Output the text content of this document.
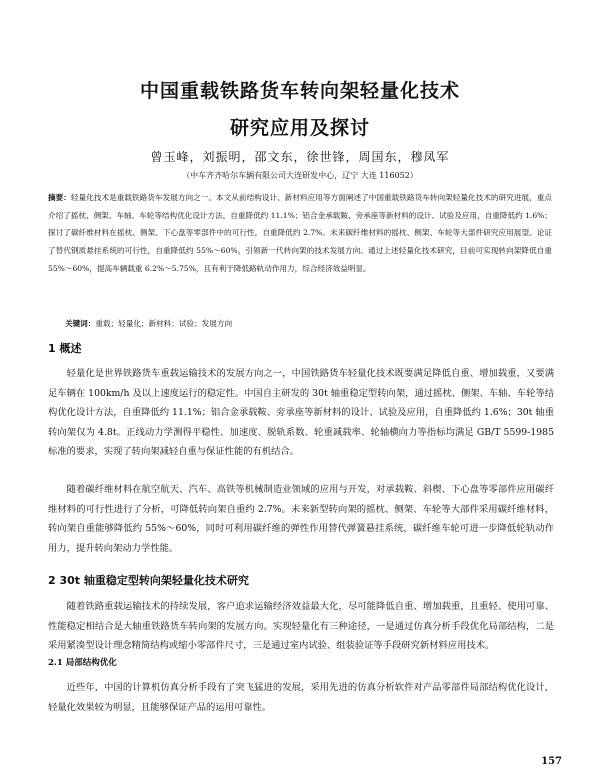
中国重载铁路货车转向架轻量化技术
研究应用及探讨
曾玉峰，刘振明，邵文东，徐世锋，周国东，穆凤军
（中车齐齐哈尔车辆有限公司大连研发中心，辽宁 大连 116052）
摘要：轻量化技术是重载铁路货车发展方向之一。本文从前结构设计、新材料应用等方面阐述了中国重载铁路货车转向架轻量化技术的研究进展，重点介绍了摇枕、侧架、车轴、车轮等结构优化设计方法，自重降低约 11.1%；铝合金承载鞍、旁承座等新材料的设计、试验及应用，自重降低约 1.6%；探讨了碳纤维材料在摇枕、侧架、下心盘等零部件中的可行性，自重降低约 2.7%。未来碳纤维材料的摇枕、侧架、车轮等大部件研究应用展望。论证了替代钢质悬挂系统的可行性，自重降低约 55%～60%，引领新一代转向架的技术发展方向。通过上述轻量化技术研究，目前可实现转向架降低自重 55%～60%，提高车辆载重 6.2%～5.75%，且有利于降低路轨动作用力，综合经济效益明显。
关键词：重载；轻量化；新材料；试验；发展方向
1 概述
轻量化是世界铁路货车重载运输技术的发展方向之一，中国铁路货车轻量化技术既要满足降低自重、增加载重，又要满足车辆在 100km/h 及以上速度运行的稳定性。中国自主研发的 30t 轴重稳定型转向架，通过摇枕、侧架、车轴、车轮等结构优化设计方法，自重降低约 11.1%；铝合金承载鞍、旁承座等新材料的设计、试验及应用，自重降低约 1.6%；30t 轴重转向架仅为 4.8t。正线动力学测得平稳性、加速度、脱轨系数、轮重减载率、轮轴横向力等指标均满足 GB/T 5599-1985 标准的要求，实现了转向架减轻自重与保证性能的有机结合。
随着碳纤维材料在航空航天、汽车、高铁等机械制造业领域的应用与开发，对承载鞍、斜楔、下心盘等零部件应用碳纤维材料的可行性进行了分析，可降低转向架自重约 2.7%。未来新型转向架的摇枕、侧架、车轮等大部件采用碳纤维材料，转向架自重能够降低约 55%～60%，同时可利用碳纤维的弹性作用替代弹簧悬挂系统，碳纤维车轮可进一步降低轮轨动作用力，提升转向架动力学性能。
2 30t 轴重稳定型转向架轻量化技术研究
随着铁路重载运输技术的持续发展，客户追求运输经济效益最大化，尽可能降低自重、增加载重，且重轻、使用可靠、性能稳定相结合是大轴重铁路货车转向架的发展方向。实现轻量化有三种途径，一是通过仿真分析手段优化局部结构，二是采用紧凑型设计理念精简结构或缩小零部件尺寸，三是通过室内试验、组装验证等手段研究新材料应用技术。
2.1 局部结构优化
近些年，中国的计算机仿真分析手段有了突飞猛进的发展，采用先进的仿真分析软件对产品零部件局部结构优化设计，轻量化效果较为明显，且能够保证产品的运用可靠性。
157
